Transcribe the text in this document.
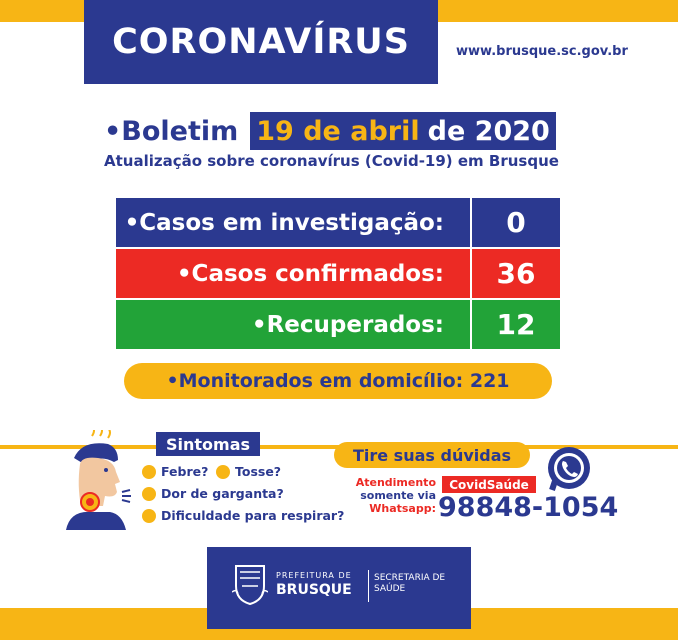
CORONAVÍRUS	www.brusque.sc.gov.br
•Boletim 19 de abril de 2020
Atualização sobre coronavírus (Covid-19) em Brusque
•Casos em investigação:	0
•Casos confirmados:	36
•Recuperados:	12
•Monitorados em domicílio: 221
Sintomas
Febre? Tosse?
Dor de garganta?
Dificuldade para respirar?
Tire suas dúvidas
Atendimento
somente via
Whatsapp:
CovidSaúde
98848-1054
PREFEITURA DE
BRUSQUE
SECRETARIA DE
SAÚDE
